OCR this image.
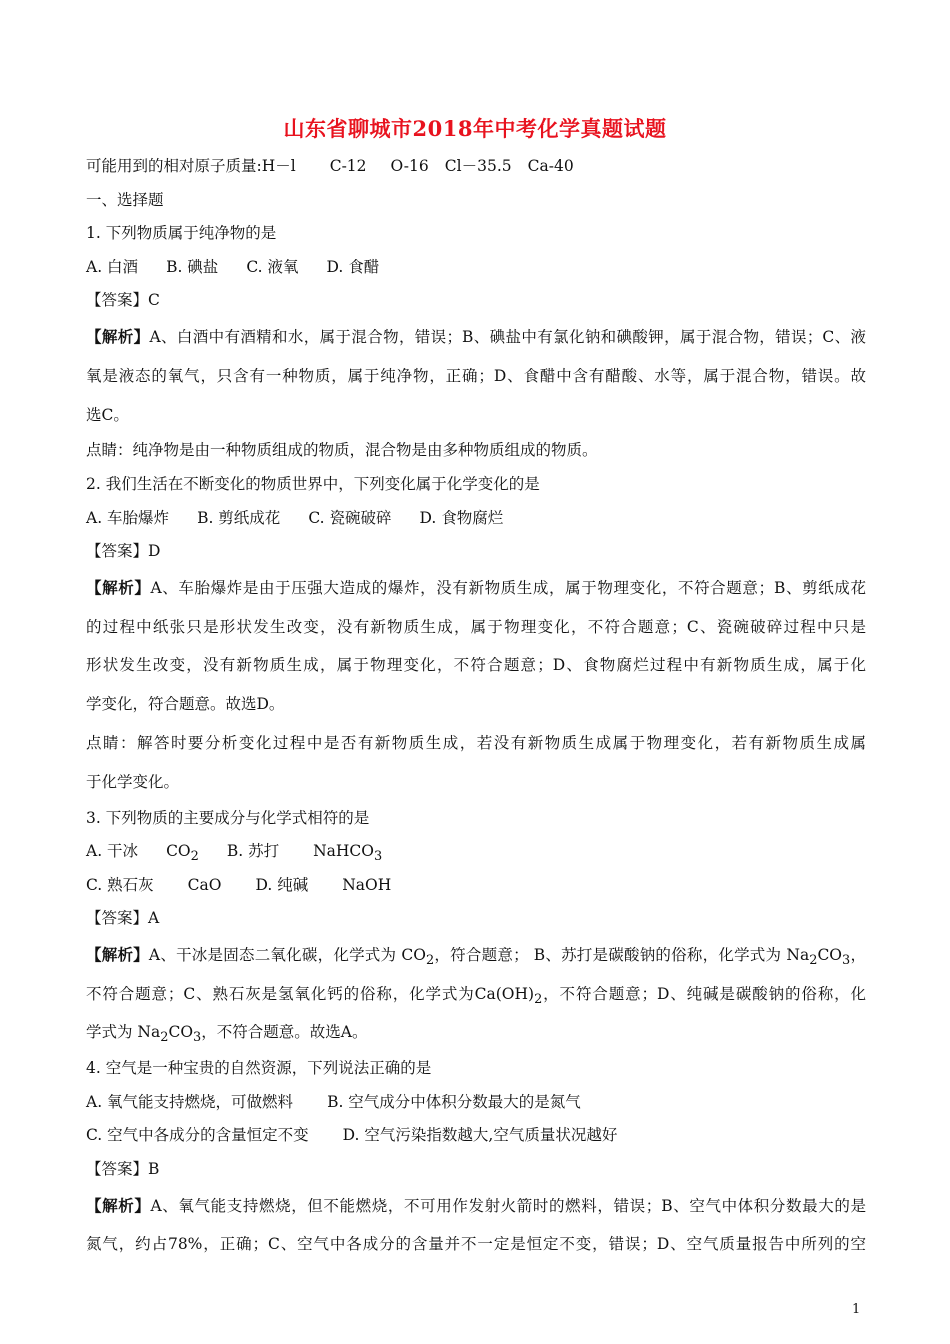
山东省聊城市2018年中考化学真题试题
可能用到的相对原子质量:H－l C-12 O-16 Cl－35.5 Ca-40
一、选择题
1. 下列物质属于纯净物的是
A. 白酒 B. 碘盐 C. 液氧 D. 食醋
【答案】C
【解析】A、白酒中有酒精和水，属于混合物，错误；B、碘盐中有氯化钠和碘酸钾，属于混合物，错误；C、液
氧是液态的氧气，只含有一种物质，属于纯净物，正确；D、食醋中含有醋酸、水等，属于混合物，错误。故
选C。
点睛：纯净物是由一种物质组成的物质，混合物是由多种物质组成的物质。
2. 我们生活在不断变化的物质世界中，下列变化属于化学变化的是
A. 车胎爆炸 B. 剪纸成花 C. 瓷碗破碎 D. 食物腐烂
【答案】D
【解析】A、车胎爆炸是由于压强大造成的爆炸，没有新物质生成，属于物理变化，不符合题意；B、剪纸成花
的过程中纸张只是形状发生改变，没有新物质生成，属于物理变化，不符合题意；C、瓷碗破碎过程中只是
形状发生改变，没有新物质生成，属于物理变化，不符合题意；D、食物腐烂过程中有新物质生成，属于化
学变化，符合题意。故选D。
点睛：解答时要分析变化过程中是否有新物质生成，若没有新物质生成属于物理变化，若有新物质生成属
于化学变化。
3. 下列物质的主要成分与化学式相符的是
A. 干冰 $CO_2$ B. 苏打 NaHCO$_3$
C. 熟石灰 CaO D. 纯碱 NaOH
【答案】A
【解析】A、干冰是固态二氧化碳，化学式为 $CO_2$，符合题意； B、苏打是碳酸钠的俗称，化学式为 $Na_2CO_3$，
不符合题意；C、熟石灰是氢氧化钙的俗称，化学式为$Ca(OH)_2$，不符合题意；D、纯碱是碳酸钠的俗称，化
学式为 $Na_2CO_3$，不符合题意。故选A。
4. 空气是一种宝贵的自然资源，下列说法正确的是
A. 氧气能支持燃烧，可做燃料 B. 空气成分中体积分数最大的是氮气
C. 空气中各成分的含量恒定不变 D. 空气污染指数越大,空气质量状况越好
【答案】B
【解析】A、氧气能支持燃烧，但不能燃烧，不可用作发射火箭时的燃料，错误；B、空气中体积分数最大的是
氮气，约占78%，正确；C、空气中各成分的含量并不一定是恒定不变，错误；D、空气质量报告中所列的空
1
